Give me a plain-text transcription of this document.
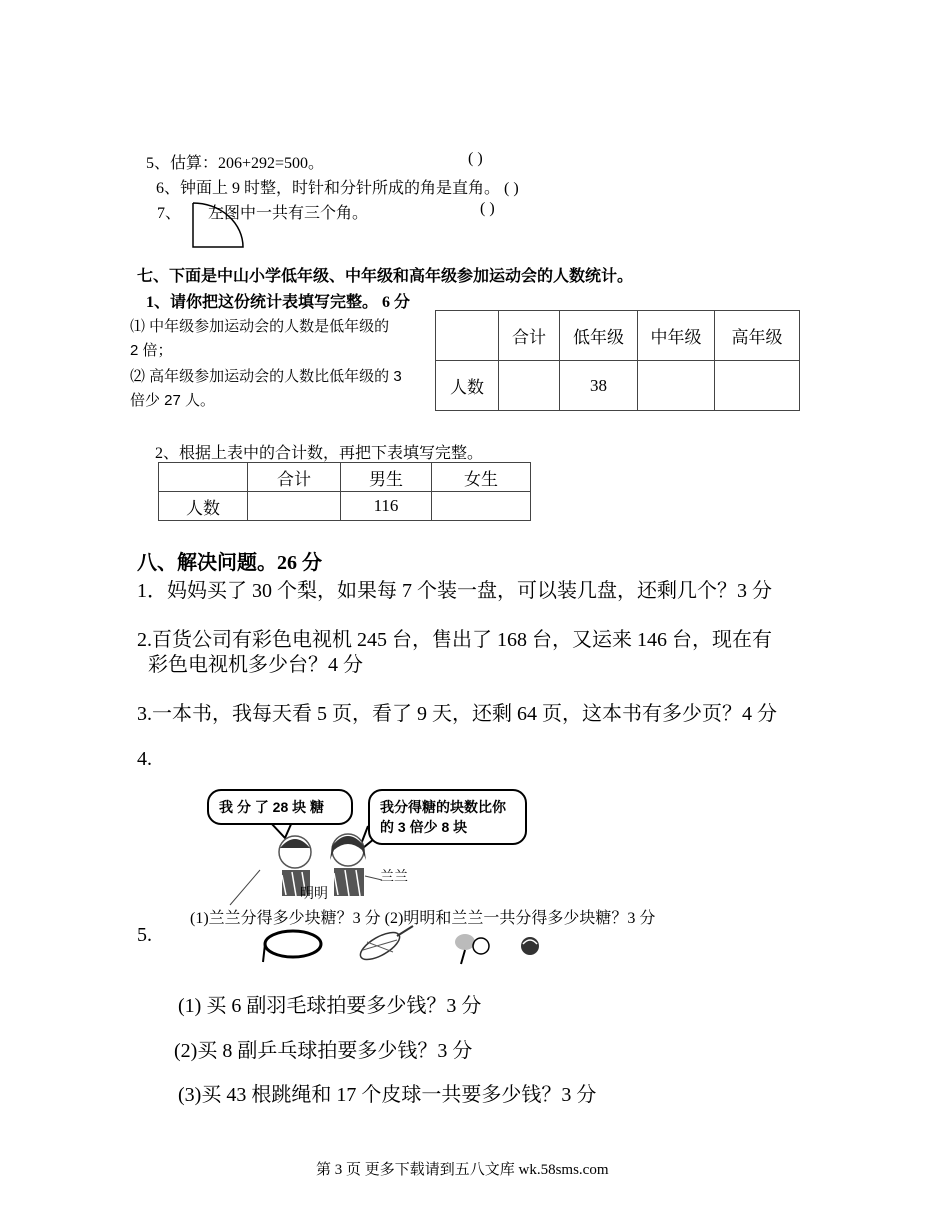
5、估算：206+292=500。	( )
6、钟面上 9 时整，时针和分针所成的角是直角。 ( )
7、 左图中一共有三个角。	( )
七、下面是中山小学低年级、中年级和高年级参加运动会的人数统计。
1、请你把这份统计表填写完整。 6 分
⑴ 中年级参加运动会的人数是低年级的
2 倍；
⑵ 高年级参加运动会的人数比低年级的 3
倍少 27 人。
	合计	低年级	中年级	高年级
人数		38		
2、根据上表中的合计数，再把下表填写完整。
	合计	男生	女生
人数		116	
八、解决问题。26 分
1．妈妈买了 30 个梨，如果每 7 个装一盘，可以装几盘，还剩几个？3 分
2.百货公司有彩色电视机 245 台，售出了 168 台，又运来 146 台，现在有
彩色电视机多少台？4 分
3.一本书，我每天看 5 页，看了 9 天，还剩 64 页，这本书有多少页？4 分
4.
我 分 了 28 块 糖	我分得糖的块数比你的 3 倍少 8 块
明明
兰兰
(1)兰兰分得多少块糖？3 分 (2)明明和兰兰一共分得多少块糖？3 分
5.
(1) 买 6 副羽毛球拍要多少钱？3 分
(2)买 8 副乒乓球拍要多少钱？3 分
(3)买 43 根跳绳和 17 个皮球一共要多少钱？3 分
第 3 页 更多下载请到五八文库 wk.58sms.com
